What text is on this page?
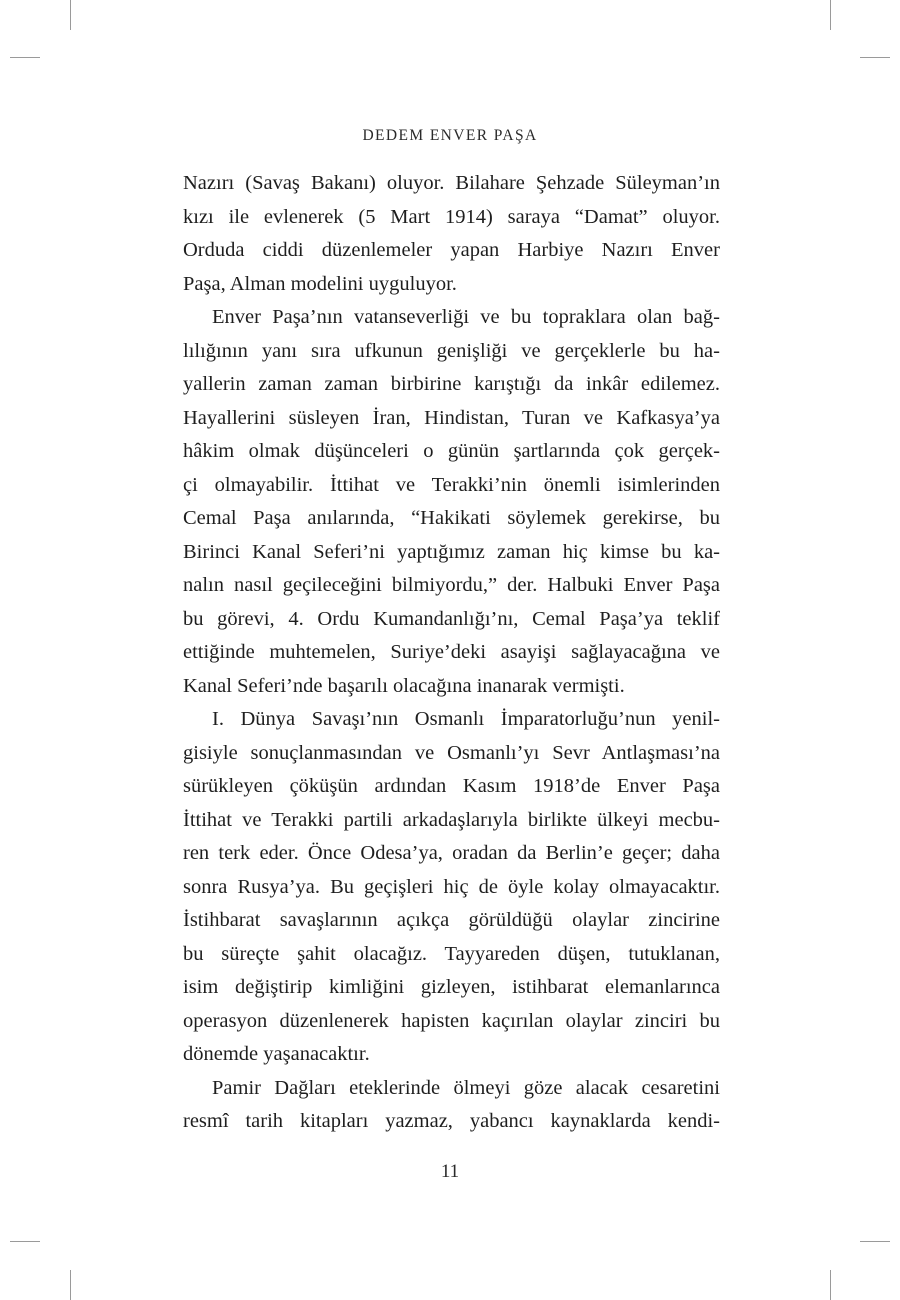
DEDEM ENVER PAŞA

Nazırı (Savaş Bakanı) oluyor. Bilahare Şehzade Süleyman’ın
kızı ile evlenerek (5 Mart 1914) saraya “Damat” oluyor.
Orduda ciddi düzenlemeler yapan Harbiye Nazırı Enver
Paşa, Alman modelini uyguluyor.

Enver Paşa’nın vatanseverliği ve bu topraklara olan bağ-
lılığının yanı sıra ufkunun genişliği ve gerçeklerle bu ha-
yallerin zaman zaman birbirine karıştığı da inkâr edilemez.
Hayallerini süsleyen İran, Hindistan, Turan ve Kafkasya’ya
hâkim olmak düşünceleri o günün şartlarında çok gerçek-
çi olmayabilir. İttihat ve Terakki’nin önemli isimlerinden
Cemal Paşa anılarında, “Hakikati söylemek gerekirse, bu
Birinci Kanal Seferi’ni yaptığımız zaman hiç kimse bu ka-
nalın nasıl geçileceğini bilmiyordu,” der. Halbuki Enver Paşa
bu görevi, 4. Ordu Kumandanlığı’nı, Cemal Paşa’ya teklif
ettiğinde muhtemelen, Suriye’deki asayişi sağlayacağına ve
Kanal Seferi’nde başarılı olacağına inanarak vermişti.

I. Dünya Savaşı’nın Osmanlı İmparatorluğu’nun yenil-
gisiyle sonuçlanmasından ve Osmanlı’yı Sevr Antlaşması’na
sürükleyen çöküşün ardından Kasım 1918’de Enver Paşa
İttihat ve Terakki partili arkadaşlarıyla birlikte ülkeyi mecbu-
ren terk eder. Önce Odesa’ya, oradan da Berlin’e geçer; daha
sonra Rusya’ya. Bu geçişleri hiç de öyle kolay olmayacaktır.
İstihbarat savaşlarının açıkça görüldüğü olaylar zincirine
bu süreçte şahit olacağız. Tayyareden düşen, tutuklanan,
isim değiştirip kimliğini gizleyen, istihbarat elemanlarınca
operasyon düzenlenerek hapisten kaçırılan olaylar zinciri bu
dönemde yaşanacaktır.

Pamir Dağları eteklerinde ölmeyi göze alacak cesaretini
resmî tarih kitapları yazmaz, yabancı kaynaklarda kendi-

11
